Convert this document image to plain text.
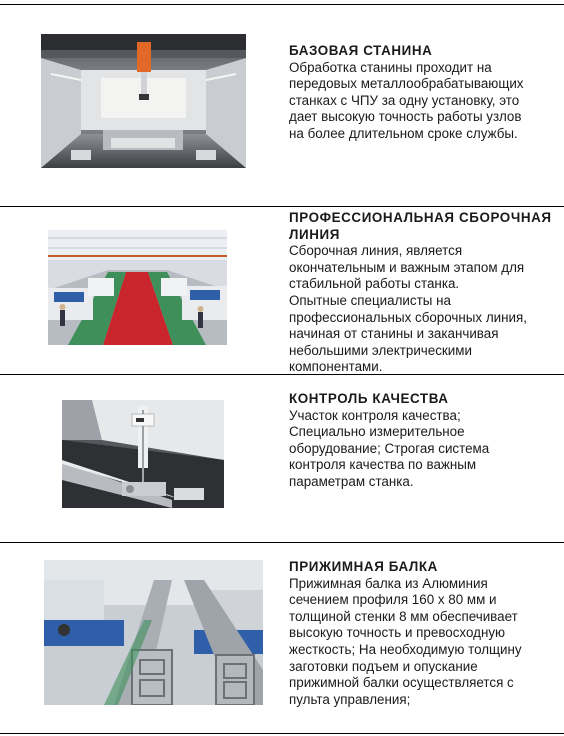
БАЗОВАЯ СТАНИНА
Обработка станины проходит на
передовых металлообрабатывающих
станках с ЧПУ за одну установку, это
дает высокую точность работы узлов
на более длительном сроке службы.
ПРОФЕССИОНАЛЬНАЯ СБОРОЧНАЯ
ЛИНИЯ
Сборочная линия, является
окончательным и важным этапом для
стабильной работы станка.
Опытные специалисты на
профессиональных сборочных линия,
начиная от станины и заканчивая
небольшими электрическими
компонентами.
КОНТРОЛЬ КАЧЕСТВА
Участок контроля качества;
Специально измерительное
оборудование; Строгая система
контроля качества по важным
параметрам станка.
ПРИЖИМНАЯ БАЛКА
Прижимная балка из Алюминия
сечением профиля 160 х 80 мм и
толщиной стенки 8 мм обеспечивает
высокую точность и превосходную
жесткость; На необходимую толщину
заготовки подъем и опускание
прижимной балки осуществляется с
пульта управления;
